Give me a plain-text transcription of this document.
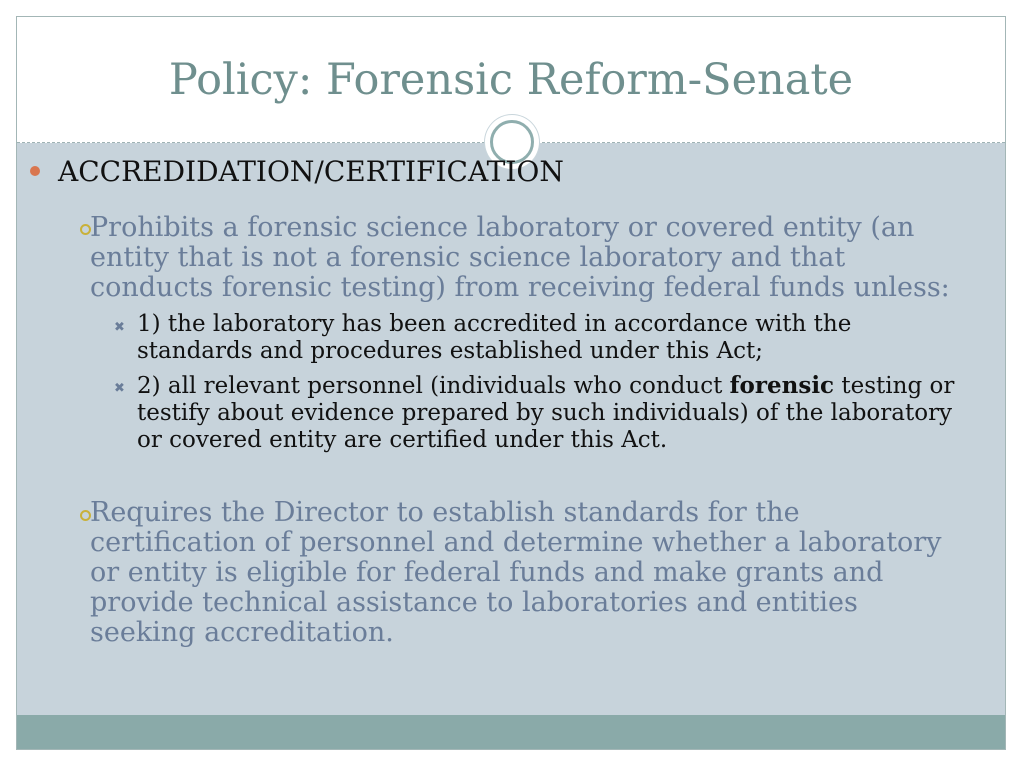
Policy: Forensic Reform-Senate
ACCREDIDATION/CERTIFICATION
Prohibits a forensic science laboratory or covered entity (an entity that is not a forensic science laboratory and that conducts forensic testing) from receiving federal funds unless:
✖ 1) the laboratory has been accredited in accordance with the standards and procedures established under this Act;
✖ 2) all relevant personnel (individuals who conduct forensic testing or testify about evidence prepared by such individuals) of the laboratory or covered entity are certified under this Act.
Requires the Director to establish standards for the certification of personnel and determine whether a laboratory or entity is eligible for federal funds and make grants and provide technical assistance to laboratories and entities seeking accreditation.
